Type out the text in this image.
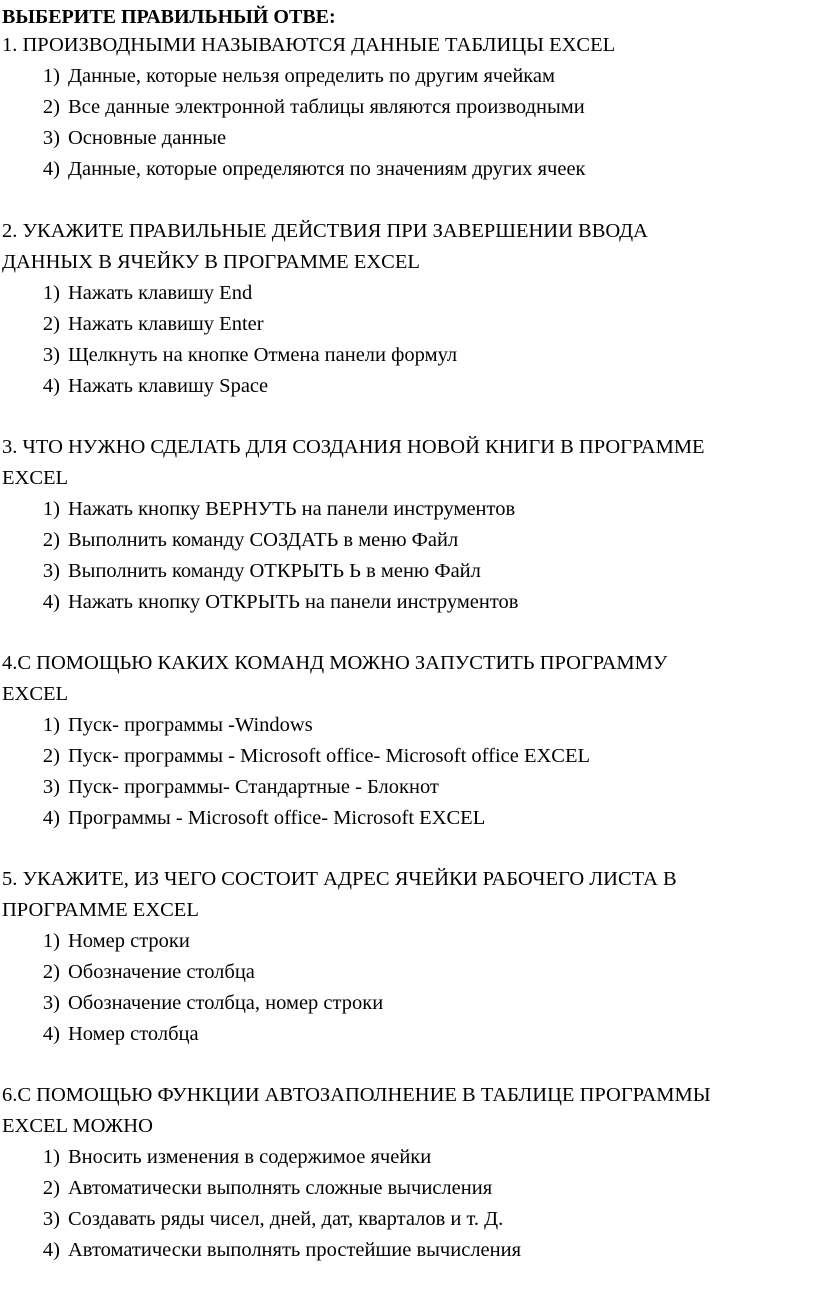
ВЫБЕРИТЕ ПРАВИЛЬНЫЙ ОТВЕ:
1. ПРОИЗВОДНЫМИ НАЗЫВАЮТСЯ ДАННЫЕ ТАБЛИЦЫ EXCEL
1) Данные, которые нельзя определить по другим ячейкам
2) Все данные электронной таблицы являются производными
3) Основные данные
4) Данные, которые определяются по значениям других ячеек
2. УКАЖИТЕ ПРАВИЛЬНЫЕ ДЕЙСТВИЯ ПРИ ЗАВЕРШЕНИИ ВВОДА
ДАННЫХ В ЯЧЕЙКУ В ПРОГРАММЕ EXCEL
1) Нажать клавишу End
2) Нажать клавишу Enter
3) Щелкнуть на кнопке Отмена панели формул
4) Нажать клавишу Space
3. ЧТО НУЖНО СДЕЛАТЬ ДЛЯ СОЗДАНИЯ НОВОЙ КНИГИ В ПРОГРАММЕ
EXCEL
1) Нажать кнопку ВЕРНУТЬ на панели инструментов
2) Выполнить команду СОЗДАТЬ в меню Файл
3) Выполнить команду ОТКРЫТЬ Ь в меню Файл
4) Нажать кнопку ОТКРЫТЬ на панели инструментов
4.С ПОМОЩЬЮ КАКИХ КОМАНД МОЖНО ЗАПУСТИТЬ ПРОГРАММУ
EXCEL
1) Пуск- программы -Windows
2) Пуск- программы - Microsoft office- Microsoft office EXCEL
3) Пуск- программы- Стандартные - Блокнот
4) Программы - Microsoft office- Microsoft EXCEL
5. УКАЖИТЕ, ИЗ ЧЕГО СОСТОИТ АДРЕС ЯЧЕЙКИ РАБОЧЕГО ЛИСТА В
ПРОГРАММЕ EXCEL
1) Номер строки
2) Обозначение столбца
3) Обозначение столбца, номер строки
4) Номер столбца
6.С ПОМОЩЬЮ ФУНКЦИИ АВТОЗАПОЛНЕНИЕ В ТАБЛИЦЕ ПРОГРАММЫ
EXCEL МОЖНО
1) Вносить изменения в содержимое ячейки
2) Автоматически выполнять сложные вычисления
3) Создавать ряды чисел, дней, дат, кварталов и т. Д.
4) Автоматически выполнять простейшие вычисления
